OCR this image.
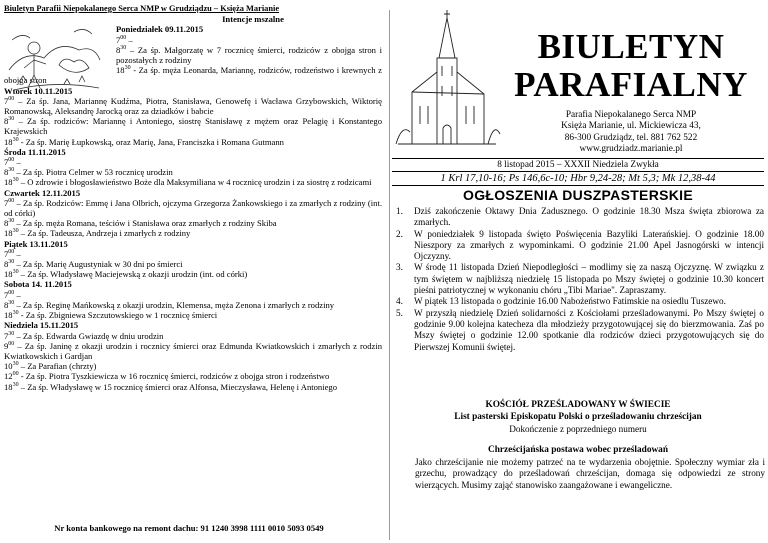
Biuletyn Parafii Niepokalanego Serca NMP w Grudziądzu – Księża Marianie
Intencje mszalne
Poniedziałek 09.11.2015
$7^{00}$ –
$8^{30}$ – Za śp. Małgorzatę w 7 rocznicę śmierci, rodziców z obojga stron i pozostałych z rodziny
$18^{30}$ - Za śp. męża Leonarda, Mariannę, rodziców, rodzeństwo i krewnych z obojga stron
Wtorek 10.11.2015
$7^{00}$ – Za śp. Jana, Mariannę Kudźma, Piotra, Stanisława, Genowefę i Wacława Grzybowskich, Wiktorię Romanowską, Aleksandrę Jarocką oraz za dziadków i babcie
$8^{30}$ – Za śp. rodziców: Mariannę i Antoniego, siostrę Stanisławę z mężem oraz Pelagię i Konstantego Krajewskich
$18^{30}$ - Za śp. Marię Łupkowską, oraz Marię, Jana, Franciszka i Romana Gutmann
Środa 11.11.2015
$7^{00}$ –
$8^{30}$ – Za śp. Piotra Celmer w 53 rocznicę urodzin
$18^{30}$ – O zdrowie i błogosławieństwo Boże dla Maksymiliana w 4 rocznicę urodzin i za siostrę z rodzicami
Czwartek 12.11.2015
$7^{00}$ – Za śp. Rodziców: Emmę i Jana Olbrich, ojczyma Grzegorza Żankowskiego i za zmarłych z rodziny (int. od córki)
$8^{30}$ – Za śp. męża Romana, teściów i Stanisława oraz zmarłych z rodziny Skiba
$18^{30}$ – Za śp. Tadeusza, Andrzeja i zmarłych z rodziny
Piątek 13.11.2015
$7^{00}$ –
$8^{30}$ – Za śp. Marię Augustyniak w 30 dni po śmierci
$18^{30}$ – Za śp. Władysławę Maciejewską z okazji urodzin (int. od córki)
Sobota 14. 11.2015
$7^{00}$ –
$8^{30}$ – Za śp. Reginę Mańkowską z okazji urodzin, Klemensa, męża Zenona i zmarłych z rodziny
$18^{30}$ - Za śp. Zbigniewa Szczutowskiego w 1 rocznicę śmierci
Niedziela 15.11.2015
$7^{30}$ – Za śp. Edwarda Gwiazdę w dniu urodzin
$9^{00}$ – Za śp. Janinę z okazji urodzin i rocznicy śmierci oraz Edmunda Kwiatkowskich i zmarłych z rodzin Kwiatkowskich i Gardjan
$10^{30}$ – Za Parafian (chrzty)
$12^{00}$ - Za śp. Piotra Tyszkiewicza w 16 rocznicę śmierci, rodziców z obojga stron i rodzeństwo
$18^{30}$ – Za śp. Władysławę w 15 rocznicę śmierci oraz Alfonsa, Mieczysława, Helenę i Antoniego
Nr konta bankowego na remont dachu: 91 1240 3998 1111 0010 5093 0549
BIULETYN
PARAFIALNY
Parafia Niepokalanego Serca NMP
Księża Marianie, ul. Mickiewicza 43,
86-300 Grudziądz, tel. 881 762 522
www.grudziadz.marianie.pl
8 listopad 2015 – XXXII Niedziela Zwykła
1 Krl 17,10-16; Ps 146,6c-10; Hbr 9,24-28; Mt 5,3; Mk 12,38-44
OGŁOSZENIA DUSZPASTERSKIE
1. Dziś zakończenie Oktawy Dnia Zadusznego. O godzinie 18.30 Msza święta zbiorowa za zmarłych.
2. W poniedziałek 9 listopada święto Poświęcenia Bazyliki Laterańskiej. O godzinie 18.00 Nieszpory za zmarłych z wypominkami. O godzinie 21.00 Apel Jasnogórski w intencji Ojczyzny.
3. W środę 11 listopada Dzień Niepodległości – modlimy się za naszą Ojczyznę. W związku z tym świętem w najbliższą niedzielę 15 listopada po Mszy świętej o godzinie 10.30 koncert pieśni patriotycznej w wykonaniu chóru „Tibi Mariae". Zapraszamy.
4. W piątek 13 listopada o godzinie 16.00 Nabożeństwo Fatimskie na osiedlu Tuszewo.
5. W przyszłą niedzielę Dzień solidarności z Kościołami prześladowanymi. Po Mszy świętej o godzinie 9.00 kolejna katecheza dla młodzieży przygotowującej się do bierzmowania. Zaś po Mszy świętej o godzinie 12.00 spotkanie dla rodziców dzieci przygotowujących się do Pierwszej Komunii świętej.
KOŚCIÓŁ PRZEŚLADOWANY W ŚWIECIE
List pasterski Episkopatu Polski o prześladowaniu chrześcijan
Dokończenie z poprzedniego numeru
Chrześcijańska postawa wobec prześladowań
Jako chrześcijanie nie możemy patrzeć na te wydarzenia obojętnie. Społeczny wymiar zła i grzechu, prowadzący do prześladowań chrześcijan, domaga się odpowiedzi ze strony wierzących. Musimy zająć stanowisko zaangażowane i ewangeliczne.
